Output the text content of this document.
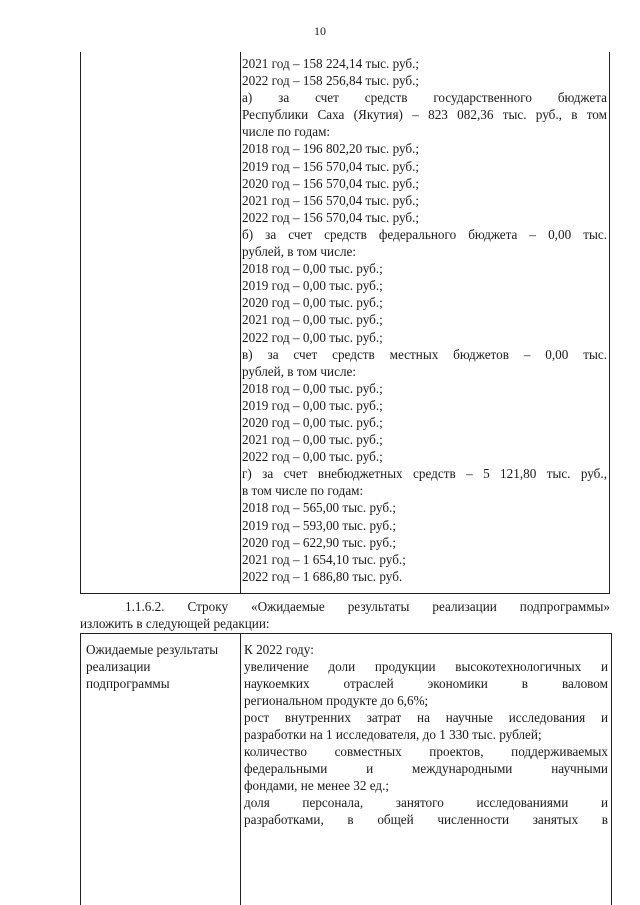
10
2021 год – 158 224,14 тыс. руб.;
2022 год – 158 256,84 тыс. руб.;
а) за счет средств государственного бюджета
Республики Саха (Якутия) – 823 082,36 тыс. руб., в том
числе по годам:
2018 год – 196 802,20 тыс. руб.;
2019 год – 156 570,04 тыс. руб.;
2020 год – 156 570,04 тыс. руб.;
2021 год – 156 570,04 тыс. руб.;
2022 год – 156 570,04 тыс. руб.;
б) за счет средств федерального бюджета – 0,00 тыс.
рублей, в том числе:
2018 год – 0,00 тыс. руб.;
2019 год – 0,00 тыс. руб.;
2020 год – 0,00 тыс. руб.;
2021 год – 0,00 тыс. руб.;
2022 год – 0,00 тыс. руб.;
в) за счет средств местных бюджетов – 0,00 тыс.
рублей, в том числе:
2018 год – 0,00 тыс. руб.;
2019 год – 0,00 тыс. руб.;
2020 год – 0,00 тыс. руб.;
2021 год – 0,00 тыс. руб.;
2022 год – 0,00 тыс. руб.;
г) за счет внебюджетных средств – 5 121,80 тыс. руб.,
в том числе по годам:
2018 год – 565,00 тыс. руб.;
2019 год – 593,00 тыс. руб.;
2020 год – 622,90 тыс. руб.;
2021 год – 1 654,10 тыс. руб.;
2022 год – 1 686,80 тыс. руб.
1.1.6.2. Строку «Ожидаемые результаты реализации подпрограммы»
изложить в следующей редакции:
Ожидаемые результаты
реализации
подпрограммы
К 2022 году:
увеличение доли продукции высокотехнологичных и
наукоемких отраслей экономики в валовом
региональном продукте до 6,6%;
рост внутренних затрат на научные исследования и
разработки на 1 исследователя, до 1 330 тыс. рублей;
количество совместных проектов, поддерживаемых
федеральными и международными научными
фондами, не менее 32 ед.;
доля персонала, занятого исследованиями и
разработками, в общей численности занятых в
